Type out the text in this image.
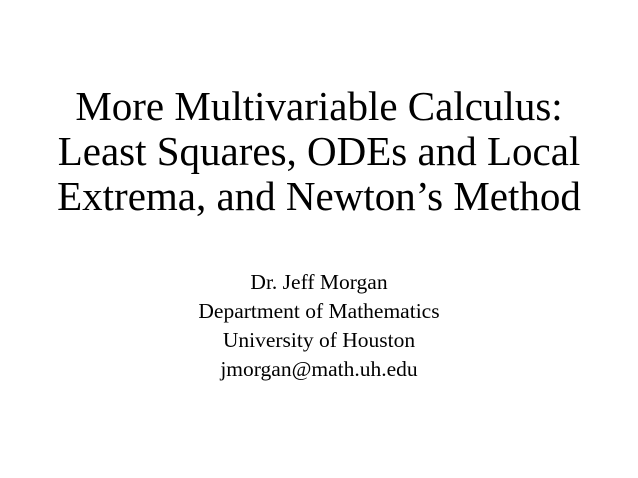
More Multivariable Calculus:
Least Squares, ODEs and Local
Extrema, and Newton’s Method
Dr. Jeff Morgan
Department of Mathematics
University of Houston
jmorgan@math.uh.edu
